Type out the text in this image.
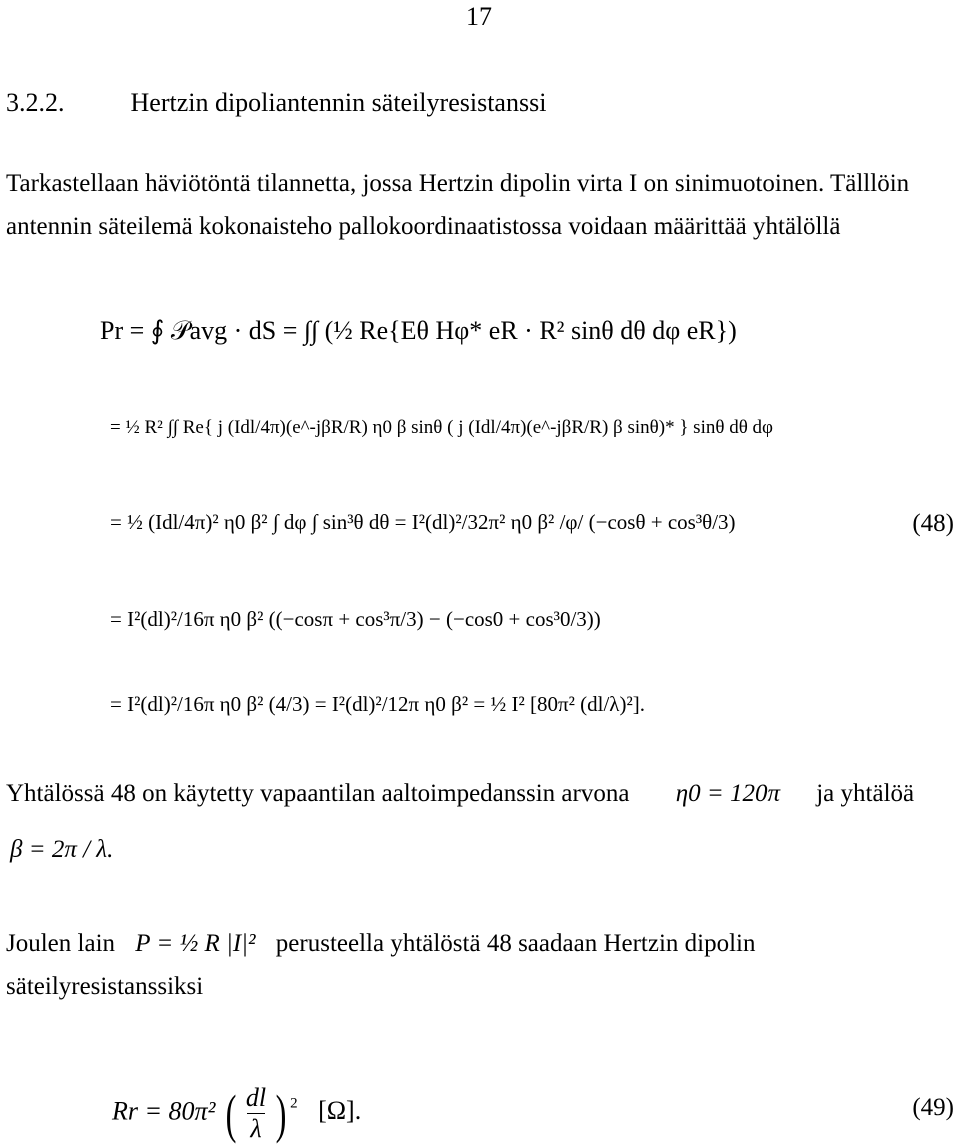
17
3.2.2.	Hertzin dipoliantennin säteilyresistanssi
Tarkastellaan häviötöntä tilannetta, jossa Hertzin dipolin virta I on sinimuotoinen. Tälllöin antennin säteilemä kokonaisteho pallokoordinaatistossa voidaan määrittää yhtälöllä
Pr = ∮ 𝒫avg · dS = ∫∫ (½ Re{Eθ Hφ* eR · R² sinθ dθ dφ eR})
= ½ R² ∫∫ Re{ j (Idl/4π)(e^-jβR/R) η0 β sinθ ( j (Idl/4π)(e^-jβR/R) β sinθ)* } sinθ dθ dφ
= ½ (Idl/4π)² η0 β² ∫ dφ ∫ sin³θ dθ = I²(dl)²/32π² η0 β² /φ/ (−cosθ + cos³θ/3)	(48)
= I²(dl)²/16π η0 β² ((−cosπ + cos³π/3) − (−cos0 + cos³0/3))
= I²(dl)²/16π η0 β² (4/3) = I²(dl)²/12π η0 β² = ½ I² [80π² (dl/λ)²].
Yhtälössä 48 on käytetty vapaantilan aaltoimpedanssin arvona η0 = 120π ja yhtälöä
β = 2π / λ.
Joulen lain P = ½ R |I|² perusteella yhtälöstä 48 saadaan Hertzin dipolin säteilyresistanssiksi
Rr = 80π² ( $\frac{dl}{\lambda}$ ) $^2$ [Ω].	(49)
